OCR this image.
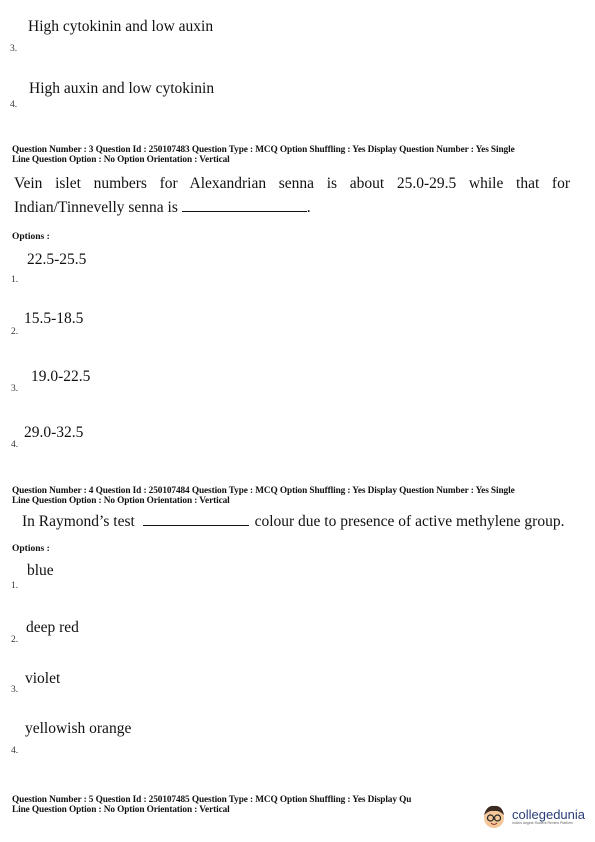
High cytokinin and low auxin
3.
High auxin and low cytokinin
4.
Question Number : 3 Question Id : 250107483 Question Type : MCQ Option Shuffling : Yes Display Question Number : Yes Single
Line Question Option : No Option Orientation : Vertical
Vein islet numbers for Alexandrian senna is about 25.0-29.5 while that for
Indian/Tinnevelly senna is	.
Options :
22.5-25.5
1.
15.5-18.5
2.
19.0-22.5
3.
29.0-32.5
4.
Question Number : 4 Question Id : 250107484 Question Type : MCQ Option Shuffling : Yes Display Question Number : Yes Single
Line Question Option : No Option Orientation : Vertical
In Raymond’s test	colour due to presence of active methylene group.
Options :
blue
1.
deep red
2.
violet
3.
yellowish orange
4.
Question Number : 5 Question Id : 250107485 Question Type : MCQ Option Shuffling : Yes Display Qu
Line Question Option : No Option Orientation : Vertical	collegedunia
India's largest Student Review Platform
